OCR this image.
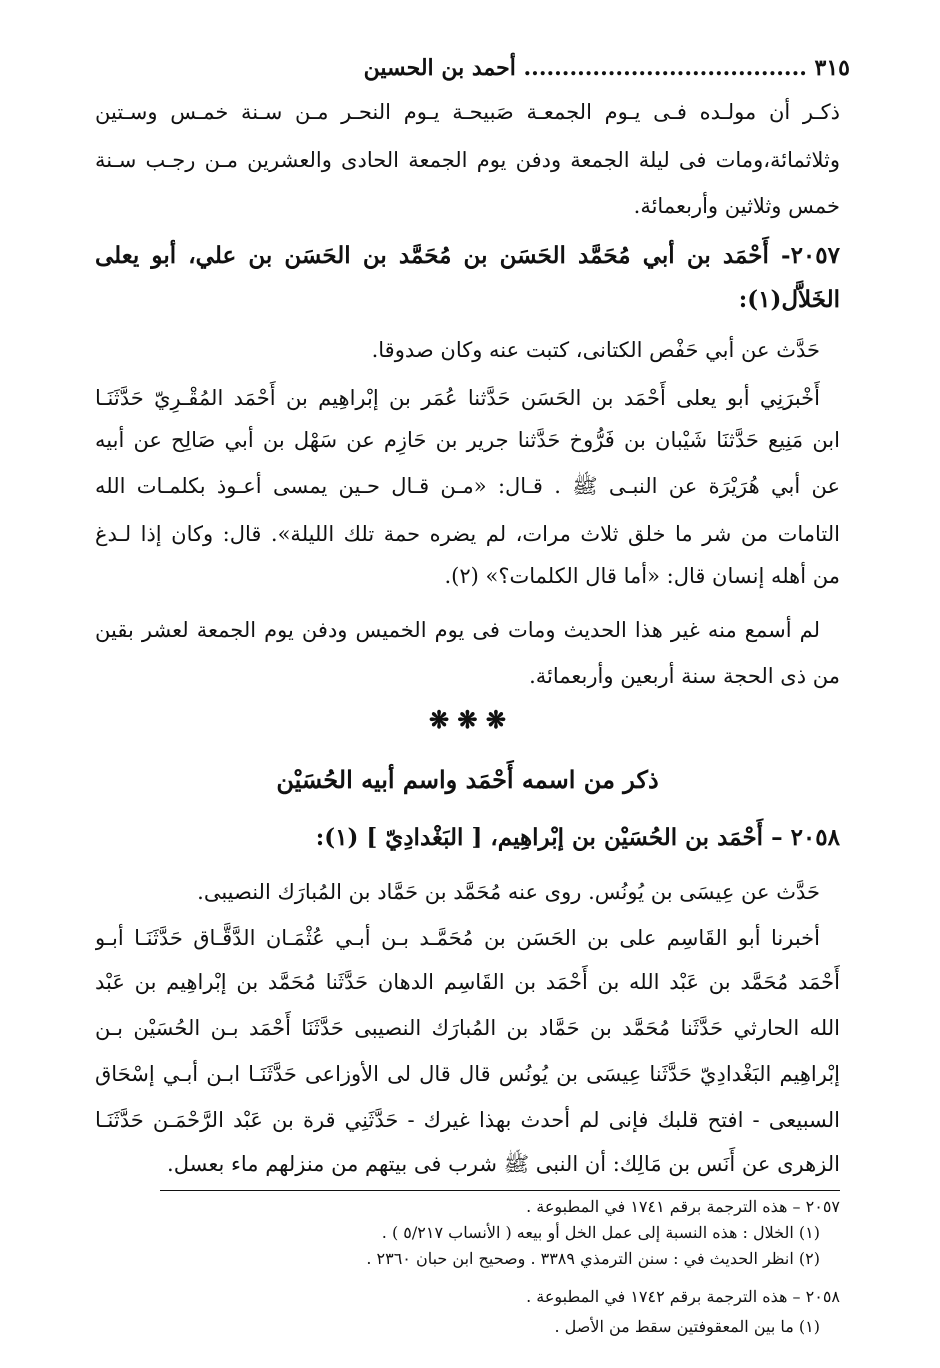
٣١٥ ..................................... أحمد بن الحسين
ذكـر أن مولـده فـى يـوم الجمعـة صَبيحـة يـوم النحـر مـن سـنة خمـس وسـتين
وثلاثمائة،ومات فى ليلة الجمعة ودفن يوم الجمعة الحادى والعشرين مـن رجـب سـنة
خمس وثلاثين وأربعمائة.
٢٠٥٧- أَحْمَد بن أبي مُحَمَّد الحَسَن بن مُحَمَّد بن الحَسَن بن علي، أبو يعلى
الخَلاَّل(١):
حَدَّث عن أبي حَفْص الكتانى، كتبت عنه وكان صدوقا.
أَخْبرَنِي أبو يعلى أَحْمَد بن الحَسَن حَدَّثنا عُمَر بن إبْراهِيم بن أَحْمَد المُقْـرِيّ حَدَّثَنَـا
ابن مَنِيع حَدَّثنَا شَيْبان بن فَرُّوخ حَدَّثنا جرير بن حَازِم عن سَهْل بن أبي صَالِح عن أبيه
عن أبي هُرَيْرَة عن النبـى ﷺ . قـال: «مـن قـال حـين يمسى أعـوذ بكلمـات الله
التامات من شر ما خلق ثلاث مرات، لم يضره حمة تلك الليلة». قال: وكان إذا لـدغ
من أهله إنسان قال: «أما قال الكلمات؟» (٢).
لم أسمع منه غير هذا الحديث ومات فى يوم الخميس ودفن يوم الجمعة لعشر بقين
من ذى الحجة سنة أربعين وأربعمائة.
❋ ❋ ❋
ذكر من اسمه أَحْمَد واسم أبيه الحُسَيْن
٢٠٥٨ – أَحْمَد بن الحُسَيْن بن إبْراهِيم، [ البَغْدادِيّ ] (١):
حَدَّث عن عِيسَى بن يُونُس. روى عنه مُحَمَّد بن حَمَّاد بن المُبارَك النصيبى.
أخبرنا أبو القَاسِم على بن الحَسَن بن مُحَمَّـد بـن أبـي عُثْمَـان الدَّقَّـاق حَدَّثَنَـا أبـو
أَحْمَد مُحَمَّد بن عَبْد الله بن أَحْمَد بن القَاسِم الدهان حَدَّثَنا مُحَمَّد بن إبْراهِيم بن عَبْد
الله الحارثي حَدَّثَنا مُحَمَّد بن حَمَّاد بن المُبارَك النصيبى حَدَّثَنَا أَحْمَد بـن الحُسَيْن بـن
إبْراهِيم البَغْدادِيّ حَدَّثَنا عِيسَى بن يُونُس قال قال لى الأوزاعى حَدَّثَنَـا ابـن أبـي إسْحَاق
السبيعى - افتح قلبك فإنى لم أحدث بهذا غيرك - حَدَّثَنِي قرة بن عَبْد الرَّحْمَـن حَدَّثَنَـا
الزهرى عن أَنَس بن مَالِك: أن النبى ﷺ شرب فى بيتهم من منزلهم ماء بعسل.
٢٠٥٧ – هذه الترجمة برقم ١٧٤١ في المطبوعة .
(١) الخلال : هذه النسبة إلى عمل الخل أو بيعه ( الأنساب ٥/٢١٧ ) .
(٢) انظر الحديث في : سنن الترمذي ٣٣٨٩ . وصحيح ابن حبان ٢٣٦٠ .
٢٠٥٨ – هذه الترجمة برقم ١٧٤٢ في المطبوعة .
(١) ما بين المعقوفتين سقط من الأصل .
